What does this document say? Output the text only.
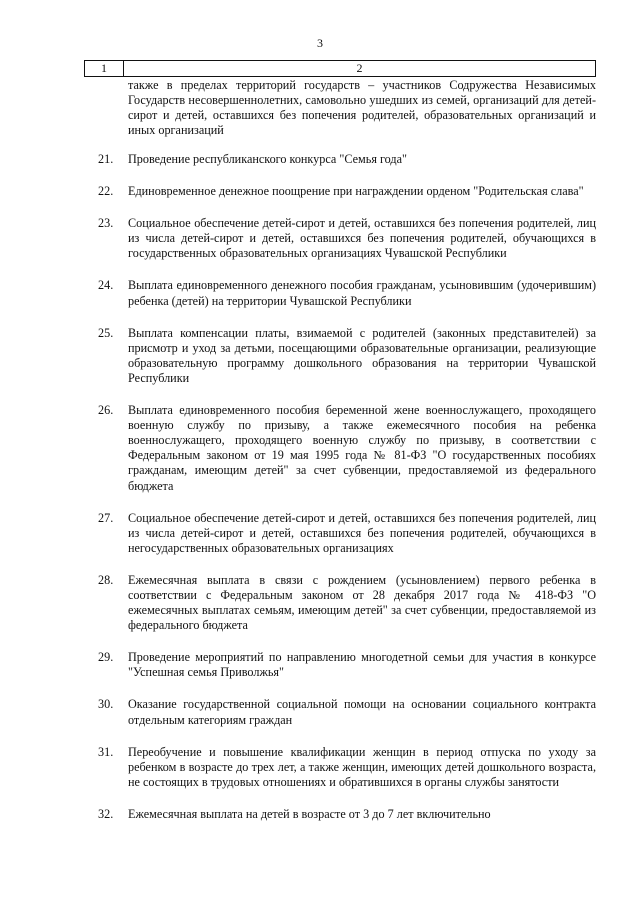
3
1	2
также в пределах территорий государств – участников Содружества Независимых Государств несовершеннолетних, самовольно ушедших из семей, организаций для детей-сирот и детей, оставшихся без попечения родителей, образовательных организаций и иных организаций
21.	Проведение республиканского конкурса "Семья года"
22.	Единовременное денежное поощрение при награждении орденом "Родительская слава"
23.	Социальное обеспечение детей-сирот и детей, оставшихся без попечения родителей, лиц из числа детей-сирот и детей, оставшихся без попечения родителей, обучающихся в государственных образовательных организациях Чувашской Республики
24.	Выплата единовременного денежного пособия гражданам, усыновившим (удочерившим) ребенка (детей) на территории Чувашской Республики
25.	Выплата компенсации платы, взимаемой с родителей (законных представителей) за присмотр и уход за детьми, посещающими образовательные организации, реализующие образовательную программу дошкольного образования на территории Чувашской Республики
26.	Выплата единовременного пособия беременной жене военнослужащего, проходящего военную службу по призыву, а также ежемесячного пособия на ребенка военнослужащего, проходящего военную службу по призыву, в соответствии с Федеральным законом от 19 мая 1995 года № 81-ФЗ "О государственных пособиях гражданам, имеющим детей" за счет субвенции, предоставляемой из федерального бюджета
27.	Социальное обеспечение детей-сирот и детей, оставшихся без попечения родителей, лиц из числа детей-сирот и детей, оставшихся без попечения родителей, обучающихся в негосударственных образовательных организациях
28.	Ежемесячная выплата в связи с рождением (усыновлением) первого ребенка в соответствии с Федеральным законом от 28 декабря 2017 года № 418-ФЗ "О ежемесячных выплатах семьям, имеющим детей" за счет субвенции, предоставляемой из федерального бюджета
29.	Проведение мероприятий по направлению многодетной семьи для участия в конкурсе "Успешная семья Приволжья"
30.	Оказание государственной социальной помощи на основании социального контракта отдельным категориям граждан
31.	Переобучение и повышение квалификации женщин в период отпуска по уходу за ребенком в возрасте до трех лет, а также женщин, имеющих детей дошкольного возраста, не состоящих в трудовых отношениях и обратившихся в органы службы занятости
32.	Ежемесячная выплата на детей в возрасте от 3 до 7 лет включительно
